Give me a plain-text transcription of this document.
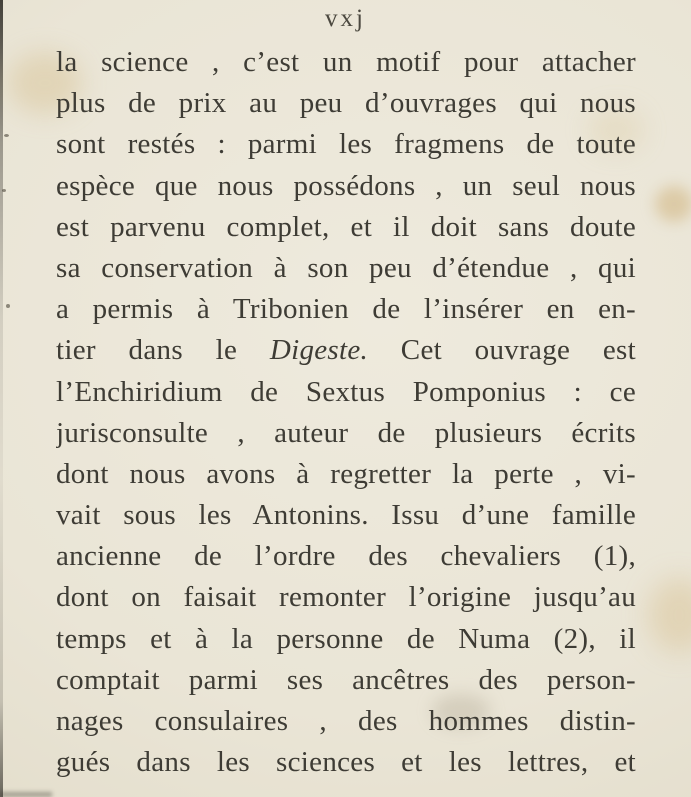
vxj
la science , c’est un motif pour attacher
plus de prix au peu d’ouvrages qui nous
sont restés : parmi les fragmens de toute
espèce que nous possédons , un seul nous
est parvenu complet, et il doit sans doute
sa conservation à son peu d’étendue , qui
a permis à Tribonien de l’insérer en en-
tier dans le Digeste. Cet ouvrage est
l’Enchiridium de Sextus Pomponius : ce
jurisconsulte , auteur de plusieurs écrits
dont nous avons à regretter la perte , vi-
vait sous les Antonins. Issu d’une famille
ancienne de l’ordre des chevaliers (1),
dont on faisait remonter l’origine jusqu’au
temps et à la personne de Numa (2), il
comptait parmi ses ancêtres des person-
nages consulaires , des hommes distin-
gués dans les sciences et les lettres, et
